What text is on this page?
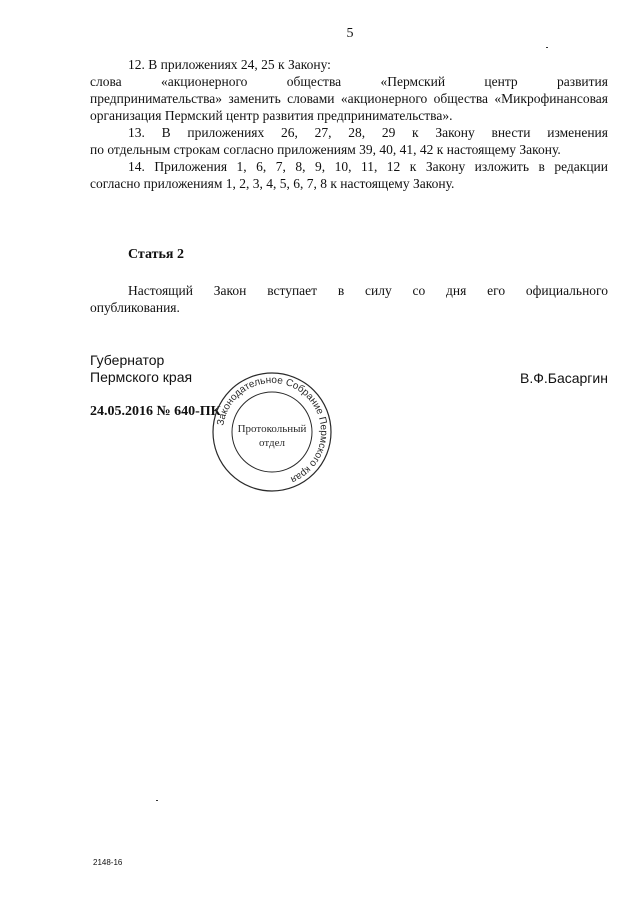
5

12. В приложениях 24, 25 к Закону:

слова «акционерного общества «Пермский центр развития

предпринимательства» заменить словами «акционерного общества «Микрофинансовая организация Пермский центр развития предпринимательства».

13. В приложениях 26, 27, 28, 29 к Закону внести изменения

по отдельным строкам согласно приложениям 39, 40, 41, 42 к настоящему Закону.

14. Приложения 1, 6, 7, 8, 9, 10, 11, 12 к Закону изложить в редакции

согласно приложениям 1, 2, 3, 4, 5, 6, 7, 8 к настоящему Закону.

Статья 2

Настоящий Закон вступает в силу со дня его официального

опубликования.

Губернатор
Пермского края	В.Ф.Басаргин
24.05.2016 № 640-ПК
Законодательное Собрание Пермского края
Протокольный
отдел
2148-16
